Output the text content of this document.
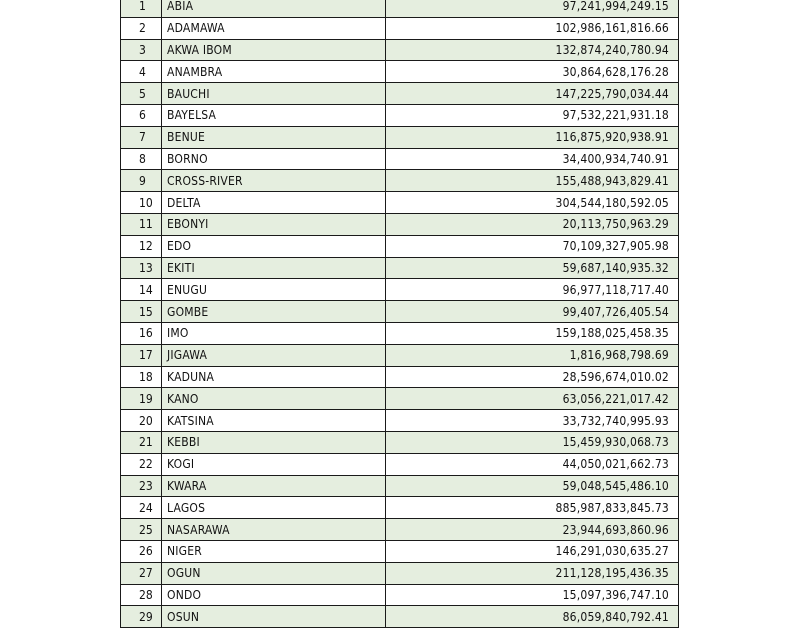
1	ABIA	97,241,994,249.15
2	ADAMAWA	102,986,161,816.66
3	AKWA IBOM	132,874,240,780.94
4	ANAMBRA	30,864,628,176.28
5	BAUCHI	147,225,790,034.44
6	BAYELSA	97,532,221,931.18
7	BENUE	116,875,920,938.91
8	BORNO	34,400,934,740.91
9	CROSS-RIVER	155,488,943,829.41
10	DELTA	304,544,180,592.05
11	EBONYI	20,113,750,963.29
12	EDO	70,109,327,905.98
13	EKITI	59,687,140,935.32
14	ENUGU	96,977,118,717.40
15	GOMBE	99,407,726,405.54
16	IMO	159,188,025,458.35
17	JIGAWA	1,816,968,798.69
18	KADUNA	28,596,674,010.02
19	KANO	63,056,221,017.42
20	KATSINA	33,732,740,995.93
21	KEBBI	15,459,930,068.73
22	KOGI	44,050,021,662.73
23	KWARA	59,048,545,486.10
24	LAGOS	885,987,833,845.73
25	NASARAWA	23,944,693,860.96
26	NIGER	146,291,030,635.27
27	OGUN	211,128,195,436.35
28	ONDO	15,097,396,747.10
29	OSUN	86,059,840,792.41
